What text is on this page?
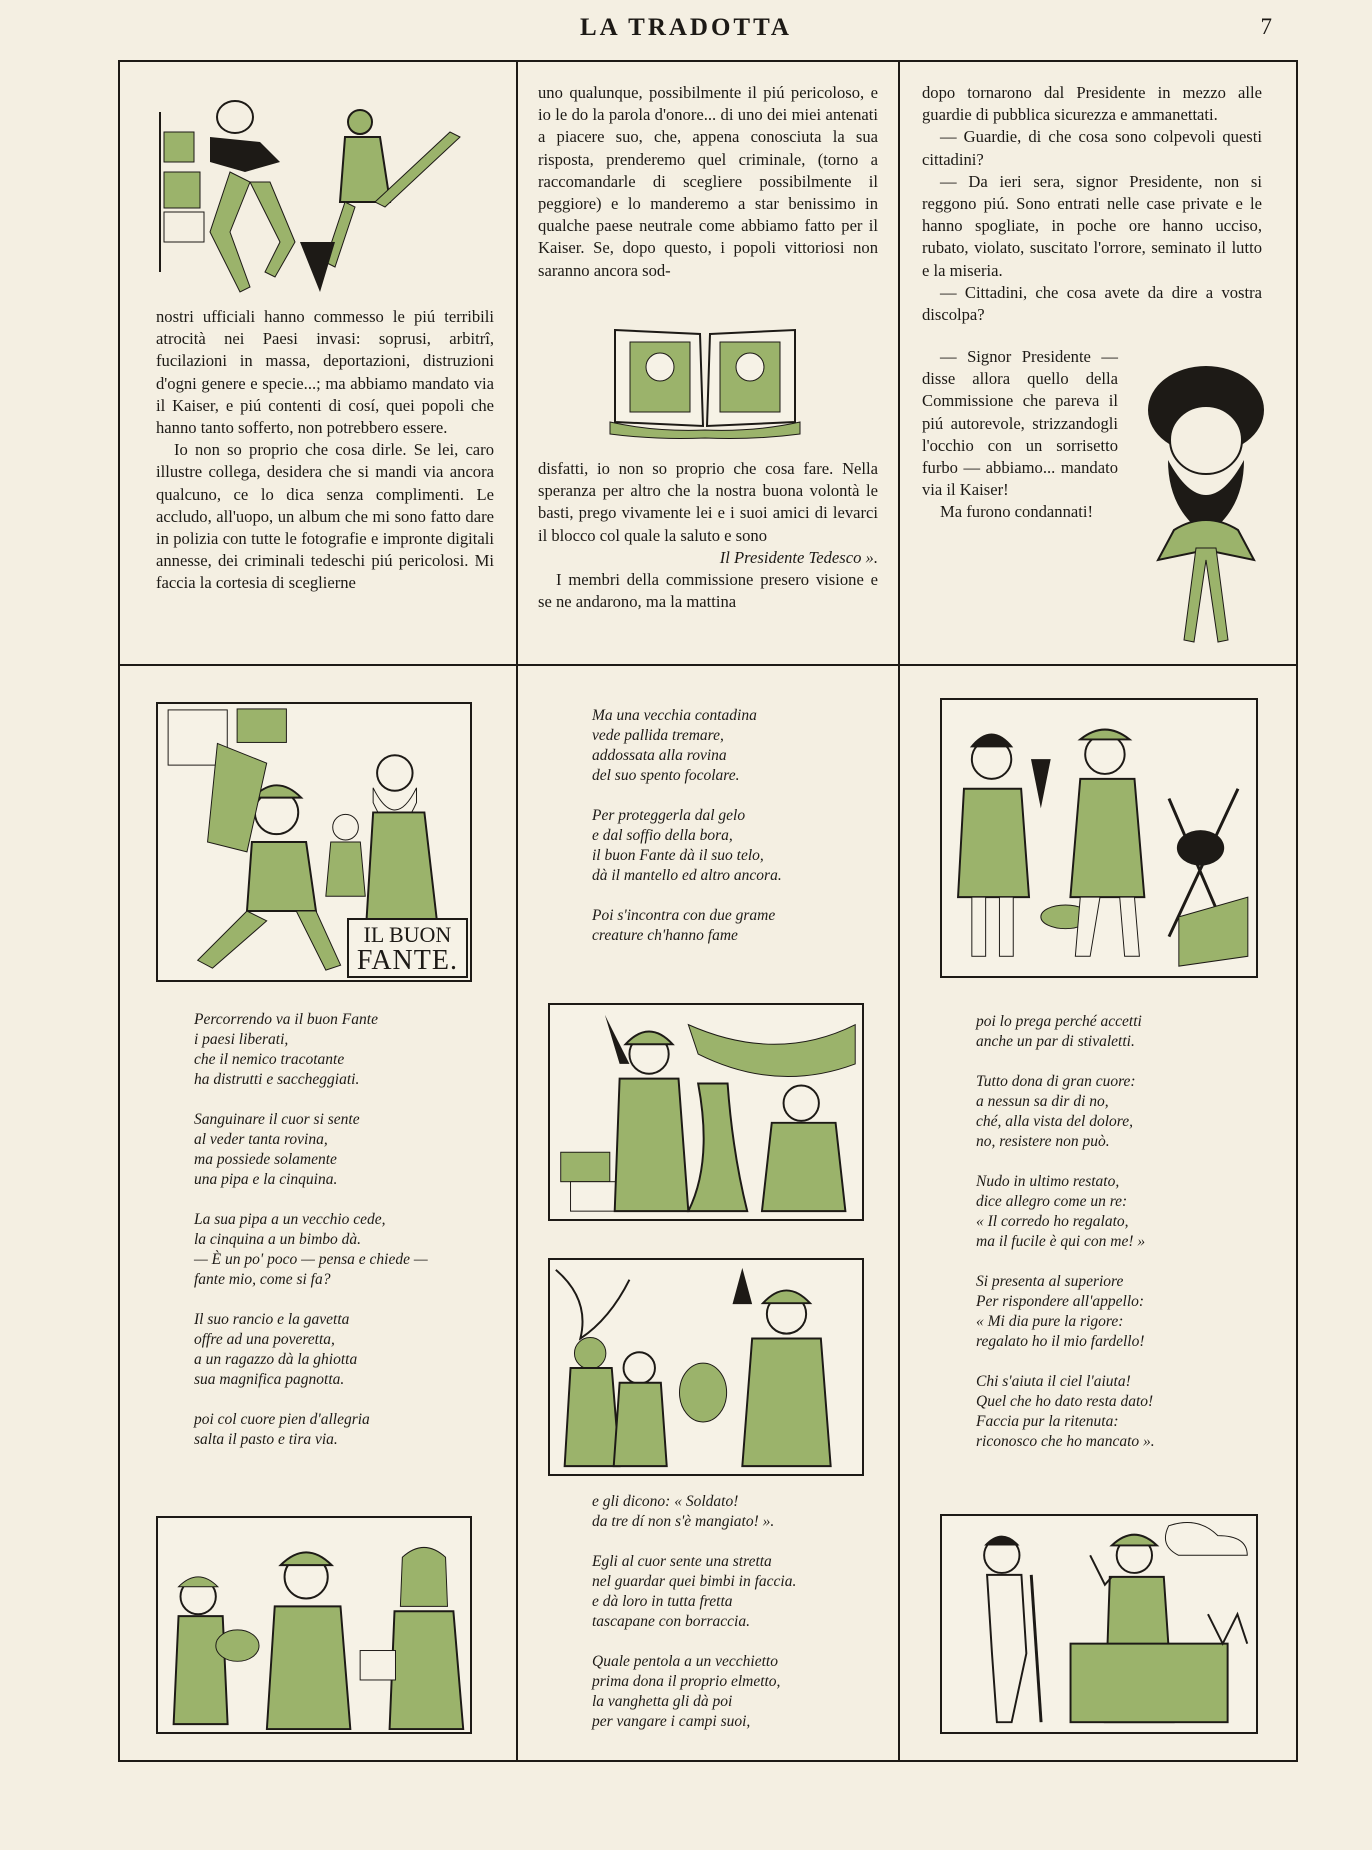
LA TRADOTTA	7

nostri ufficiali hanno commesso le piú terribili atrocità nei Paesi invasi: soprusi, arbitrî, fucilazioni in massa, deportazioni, distruzioni d'ogni genere e specie...; ma abbiamo mandato via il Kaiser, e piú contenti di cosí, quei popoli che hanno tanto sofferto, non potrebbero essere.

Io non so proprio che cosa dirle. Se lei, caro illustre collega, desidera che si mandi via ancora qualcuno, ce lo dica senza complimenti. Le accludo, all'uopo, un album che mi sono fatto dare in polizia con tutte le fotografie e impronte digitali annesse, dei criminali tedeschi piú pericolosi. Mi faccia la cortesia di sceglierne

uno qualunque, possibilmente il piú pericoloso, e io le do la parola d'onore... di uno dei miei antenati a piacere suo, che, appena conosciuta la sua risposta, prenderemo quel criminale, (torno a raccomandarle di scegliere possibilmente il peggiore) e lo manderemo a star benissimo in qualche paese neutrale come abbiamo fatto per il Kaiser. Se, dopo questo, i popoli vittoriosi non saranno ancora sod-

disfatti, io non so proprio che cosa fare. Nella speranza per altro che la nostra buona volontà le basti, prego vivamente lei e i suoi amici di levarci il blocco col quale la saluto e sono

Il Presidente Tedesco ».

I membri della commissione presero visione e se ne andarono, ma la mattina

dopo tornarono dal Presidente in mezzo alle guardie di pubblica sicurezza e ammanettati.

— Guardie, di che cosa sono colpevoli questi cittadini?

— Da ieri sera, signor Presidente, non si reggono piú. Sono entrati nelle case private e le hanno spogliate, in poche ore hanno ucciso, rubato, violato, suscitato l'orrore, seminato il lutto e la miseria.

— Cittadini, che cosa avete da dire a vostra discolpa?

— Signor Presidente — disse allora quello della Commissione che pareva il piú autorevole, strizzandogli l'occhio con un sorrisetto furbo — abbiamo... mandato via il Kaiser!

Ma furono condannati!

IL BUON
FANTE.
Percorrendo va il buon Fante
i paesi liberati,
che il nemico tracotante
ha distrutti e saccheggiati.
Sanguinare il cuor si sente
al veder tanta rovina,
ma possiede solamente
una pipa e la cinquina.
La sua pipa a un vecchio cede,
la cinquina a un bimbo dà.
— È un po' poco — pensa e chiede —
fante mio, come si fa?
Il suo rancio e la gavetta
offre ad una poveretta,
a un ragazzo dà la ghiotta
sua magnifica pagnotta.
poi col cuore pien d'allegria
salta il pasto e tira via.
Ma una vecchia contadina
vede pallida tremare,
addossata alla rovina
del suo spento focolare.
Per proteggerla dal gelo
e dal soffio della bora,
il buon Fante dà il suo telo,
dà il mantello ed altro ancora.
Poi s'incontra con due grame
creature ch'hanno fame
e gli dicono: « Soldato!
da tre dí non s'è mangiato! ».
Egli al cuor sente una stretta
nel guardar quei bimbi in faccia.
e dà loro in tutta fretta
tascapane con borraccia.
Quale pentola a un vecchietto
prima dona il proprio elmetto,
la vanghetta gli dà poi
per vangare i campi suoi,
poi lo prega perché accetti
anche un par di stivaletti.
Tutto dona di gran cuore:
a nessun sa dir di no,
ché, alla vista del dolore,
no, resistere non può.
Nudo in ultimo restato,
dice allegro come un re:
« Il corredo ho regalato,
ma il fucile è qui con me! »
Si presenta al superiore
Per rispondere all'appello:
« Mi dia pure la rigore:
regalato ho il mio fardello!
Chi s'aiuta il ciel l'aiuta!
Quel che ho dato resta dato!
Faccia pur la ritenuta:
riconosco che ho mancato ».
